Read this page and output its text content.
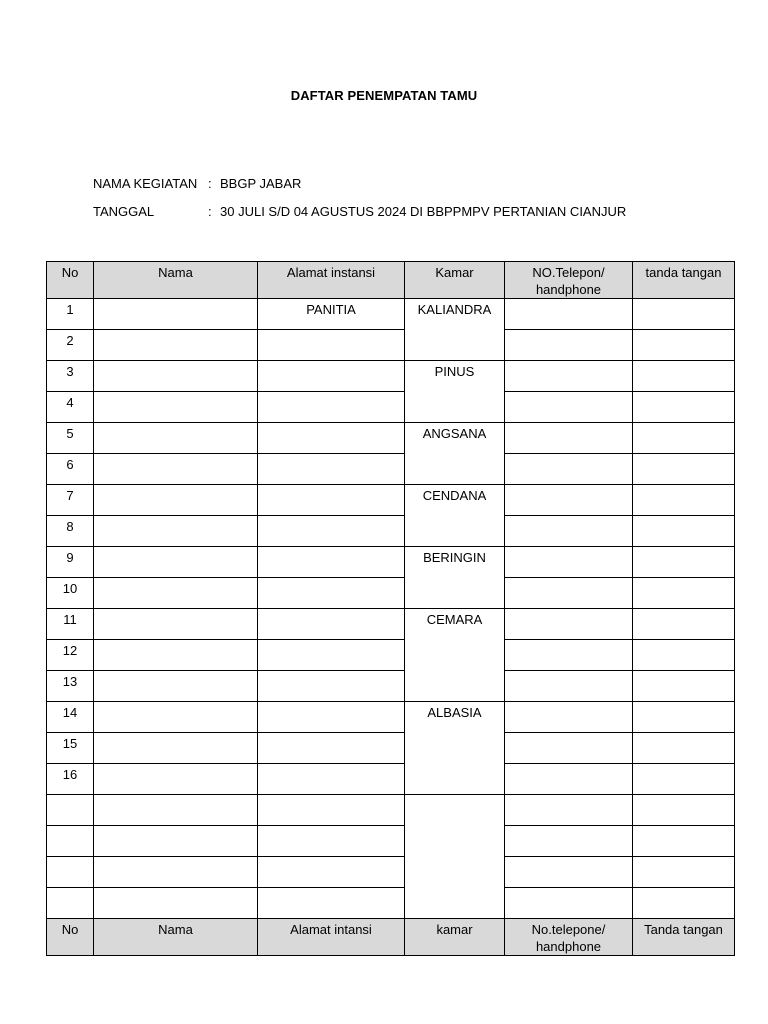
DAFTAR PENEMPATAN TAMU
NAMA KEGIATAN : BBGP JABAR
TANGGAL	: 30 JULI S/D 04 AGUSTUS 2024 DI BBPPMPV PERTANIAN CIANJUR
No	Nama	Alamat instansi	Kamar	NO.Telepon/ handphone	tanda tangan
1		PANITIA	KALIANDRA		
2					
3			PINUS		
4					
5			ANGSANA		
6					
7			CENDANA		
8					
9			BERINGIN		
10					
11			CEMARA		
12					
13					
14			ALBASIA		
15					
16					

No	Nama	Alamat intansi	kamar	No.telepone/ handphone	Tanda tangan
